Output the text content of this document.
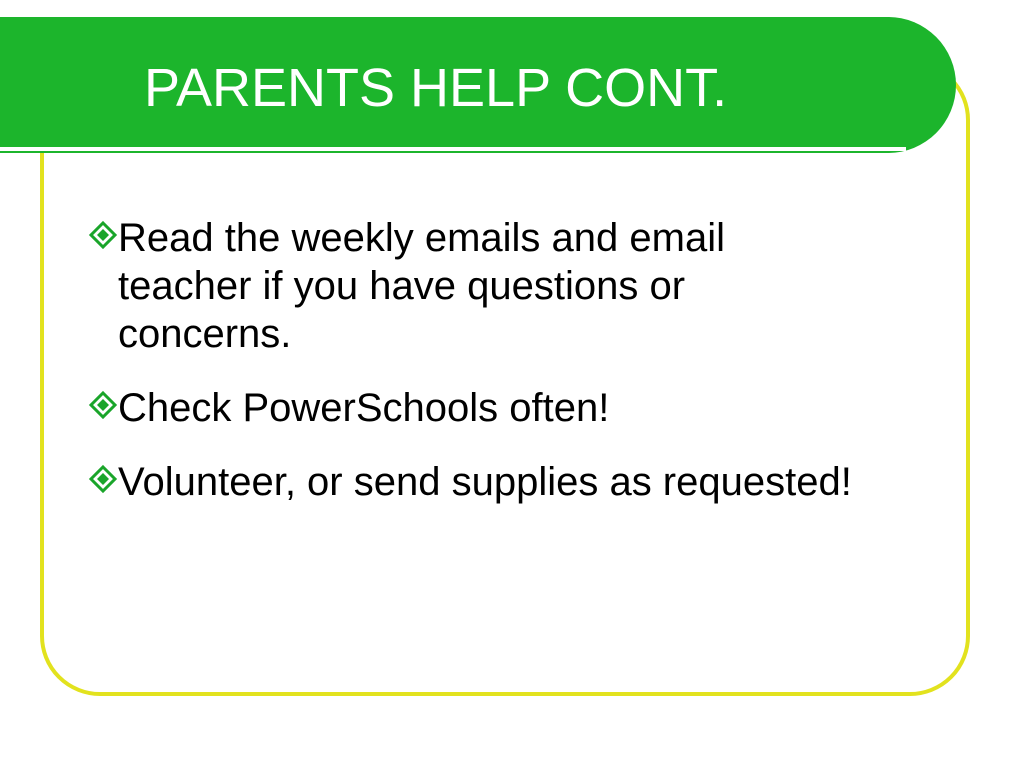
PARENTS HELP CONT.
Read the weekly emails and email teacher if you have questions or concerns.
Check PowerSchools often!
Volunteer, or send supplies as requested!
